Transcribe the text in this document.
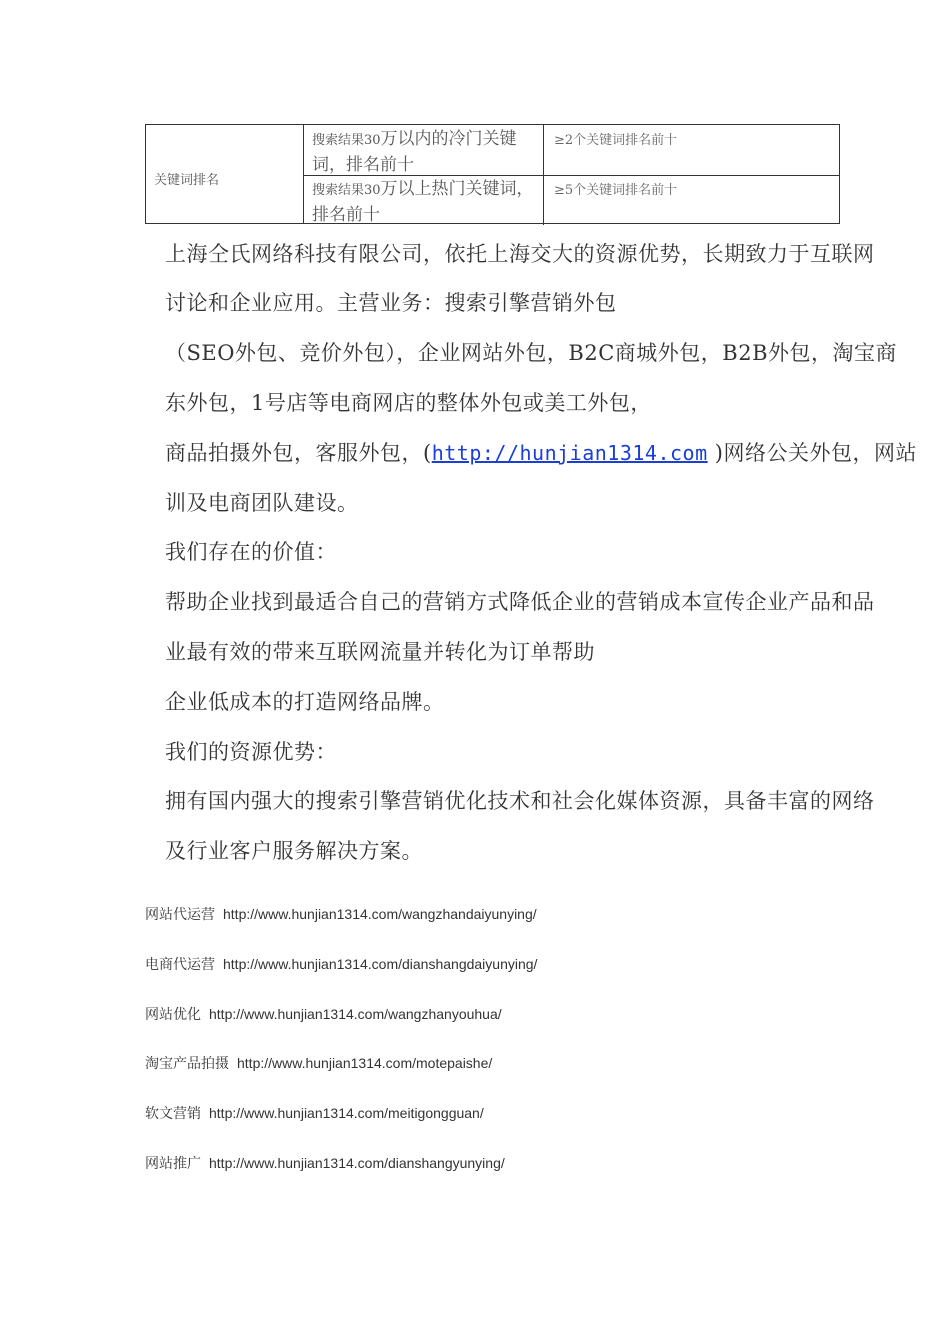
关键词排名
搜索结果30万以内的冷门关键词，排名前十
≥2个关键词排名前十
搜索结果30万以上热门关键词，排名前十
≥5个关键词排名前十
上海仝氏网络科技有限公司，依托上海交大的资源优势，长期致力于互联网
讨论和企业应用。主营业务：搜索引擎营销外包
（SEO外包、竞价外包），企业网站外包，B2C商城外包，B2B外包，淘宝商
东外包，1号店等电商网店的整体外包或美工外包，
商品拍摄外包，客服外包，(http://hunjian1314.com )网络公关外包，网站
训及电商团队建设。
我们存在的价值：
帮助企业找到最适合自己的营销方式降低企业的营销成本宣传企业产品和品
业最有效的带来互联网流量并转化为订单帮助
企业低成本的打造网络品牌。
我们的资源优势：
拥有国内强大的搜索引擎营销优化技术和社会化媒体资源，具备丰富的网络
及行业客户服务解决方案。
网站代运营 http://www.hunjian1314.com/wangzhandaiyunying/
电商代运营 http://www.hunjian1314.com/dianshangdaiyunying/
网站优化 http://www.hunjian1314.com/wangzhanyouhua/
淘宝产品拍摄 http://www.hunjian1314.com/motepaishe/
软文营销 http://www.hunjian1314.com/meitigongguan/
网站推广 http://www.hunjian1314.com/dianshangyunying/
